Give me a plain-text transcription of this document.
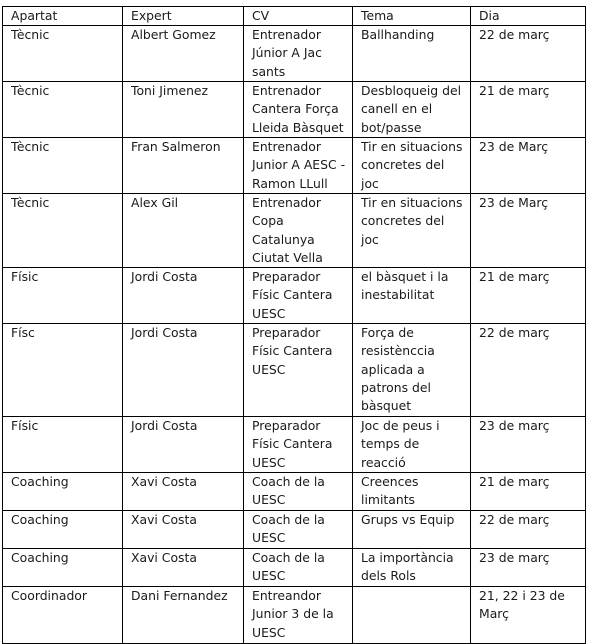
Apartat	Expert	CV	Tema	Dia
Tècnic	Albert Gomez	Entrenador
Júnior A Jac
sants	Ballhanding	22 de març
Tècnic	Toni Jimenez	Entrenador
Cantera Força
Lleida Bàsquet	Desbloqueig del
canell en el
bot/passe	21 de març
Tècnic	Fran Salmeron	Entrenador
Junior A AESC -
Ramon LLull	Tir en situacions
concretes del joc	23 de Març
Tècnic	Alex Gil	Entrenador
Copa
Catalunya
Ciutat Vella	Tir en situacions
concretes del joc	23 de Març
Físic	Jordi Costa	Preparador
Físic Cantera
UESC	el bàsquet i la
inestabilitat	21 de març
Físc	Jordi Costa	Preparador
Físic Cantera
UESC	Força de
resistènccia
aplicada a
patrons del
bàsquet	22 de març
Físic	Jordi Costa	Preparador
Físic Cantera
UESC	Joc de peus i
temps de
reacció	23 de març
Coaching	Xavi Costa	Coach de la
UESC	Creences
limitants	21 de març
Coaching	Xavi Costa	Coach de la
UESC	Grups vs Equip	22 de març
Coaching	Xavi Costa	Coach de la
UESC	La importància
dels Rols	23 de març
Coordinador	Dani Fernandez	Entreandor
Junior 3 de la
UESC		21, 22 i 23 de
Març
